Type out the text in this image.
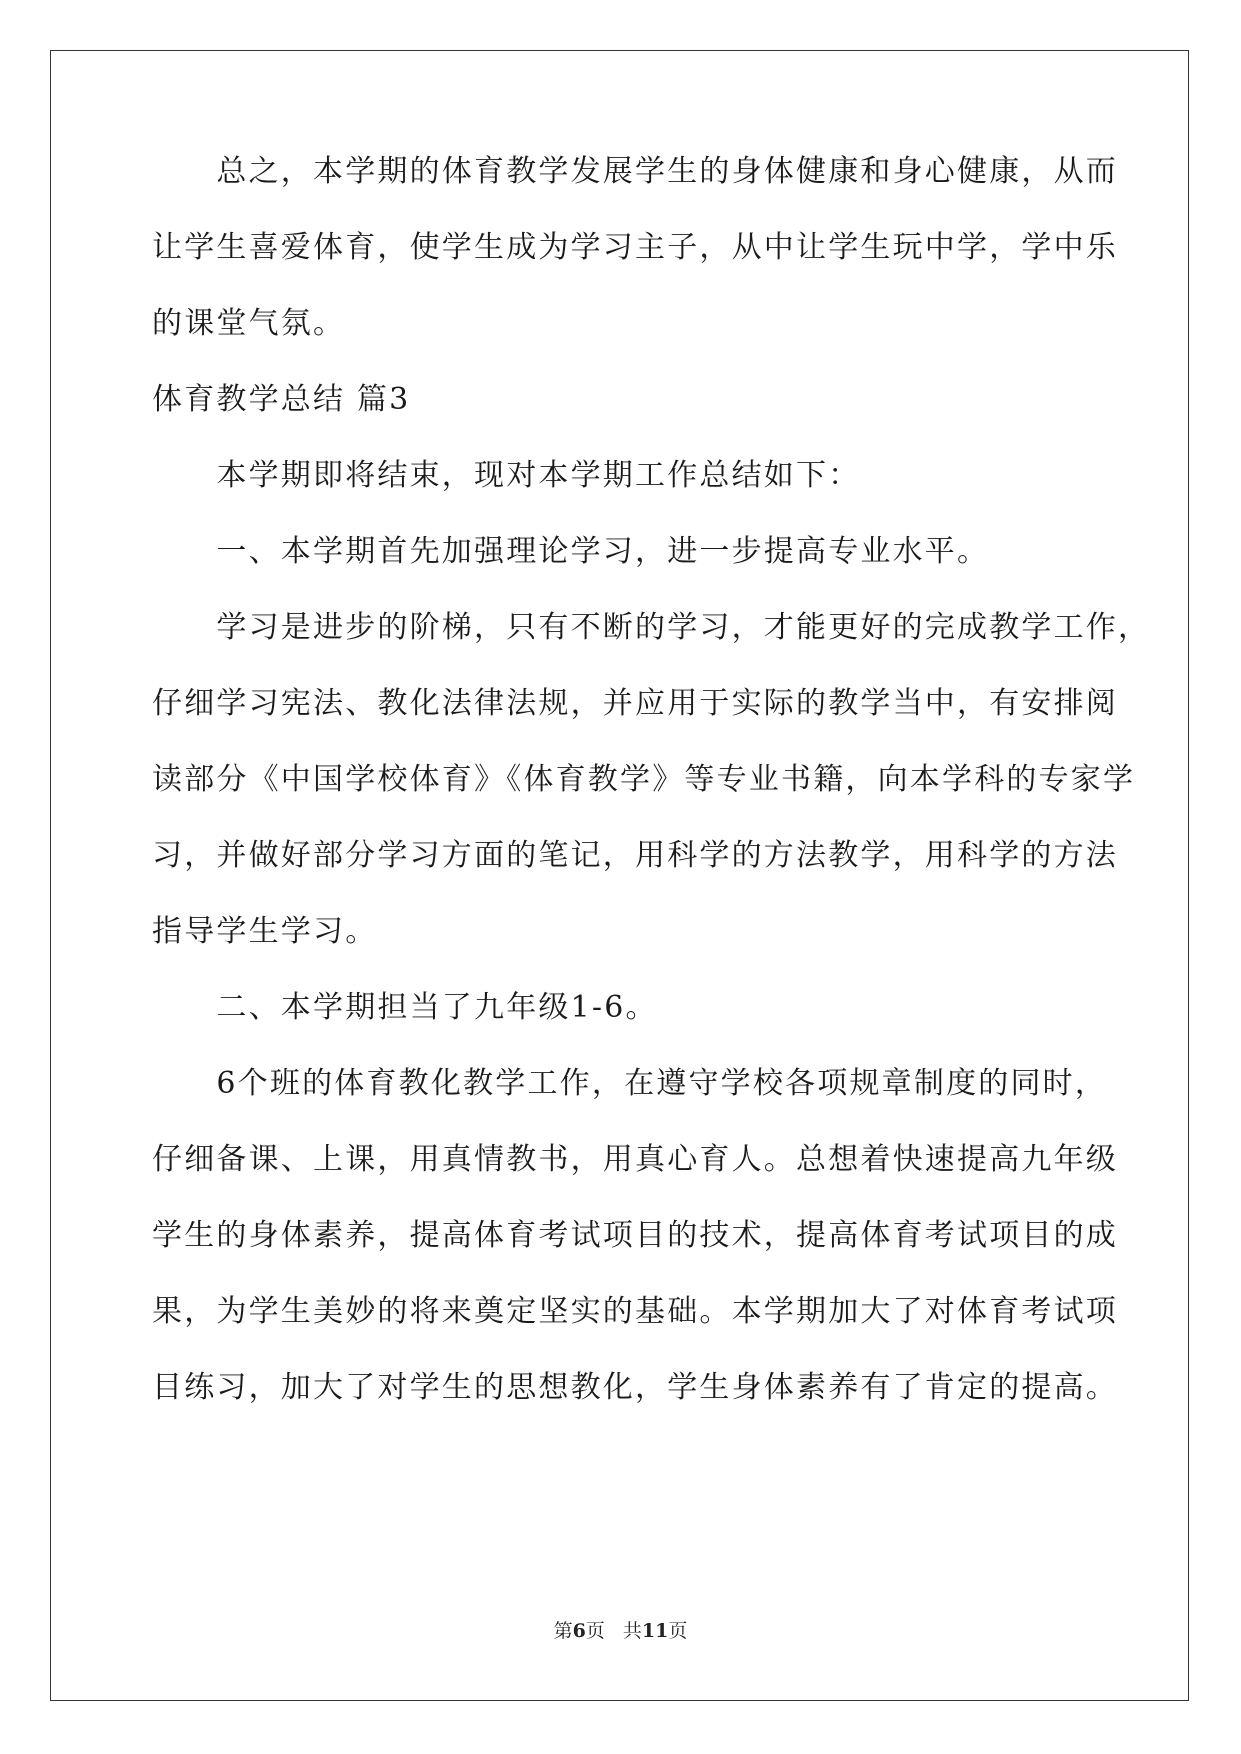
　　总之，本学期的体育教学发展学生的身体健康和身心健康，从而
让学生喜爱体育，使学生成为学习主子，从中让学生玩中学，学中乐
的课堂气氛。
体育教学总结 篇3
　　本学期即将结束，现对本学期工作总结如下：
　　一、本学期首先加强理论学习，进一步提高专业水平。
　　学习是进步的阶梯，只有不断的学习，才能更好的完成教学工作，
仔细学习宪法、教化法律法规，并应用于实际的教学当中，有安排阅
读部分《中国学校体育》《体育教学》等专业书籍，向本学科的专家学
习，并做好部分学习方面的笔记，用科学的方法教学，用科学的方法
指导学生学习。
　　二、本学期担当了九年级1-6。
　　6个班的体育教化教学工作，在遵守学校各项规章制度的同时，
仔细备课、上课，用真情教书，用真心育人。总想着快速提高九年级
学生的身体素养，提高体育考试项目的技术，提高体育考试项目的成
果，为学生美妙的将来奠定坚实的基础。本学期加大了对体育考试项
目练习，加大了对学生的思想教化，学生身体素养有了肯定的提高。
第6页 共11页
